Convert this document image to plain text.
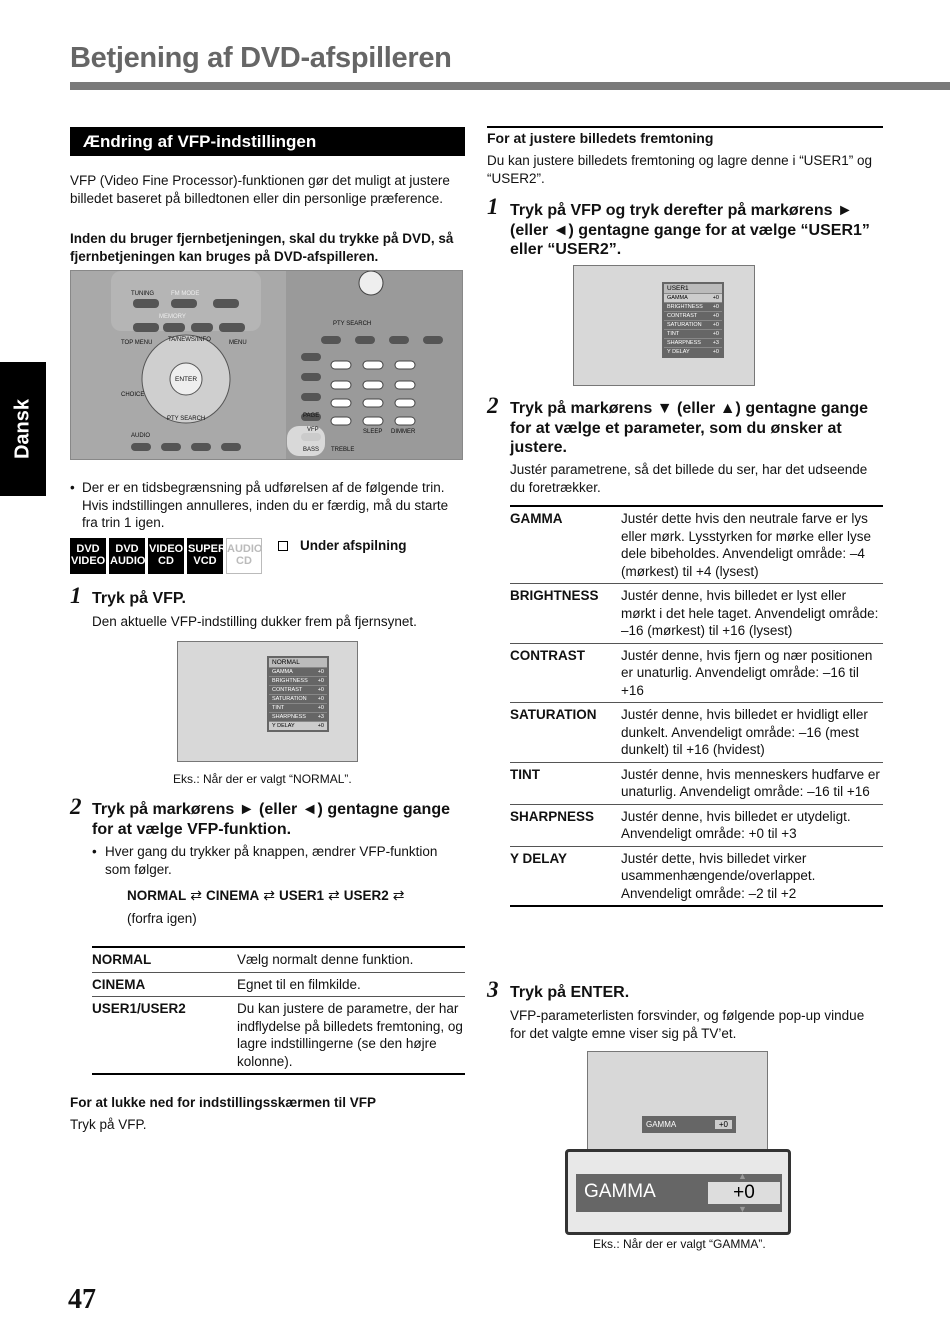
Betjening af DVD-afspilleren
Dansk
Ændring af VFP-indstillingen

VFP (Video Fine Processor)-funktionen gør det muligt at justere billedet baseret på billedtonen eller din personlige præference.

Inden du bruger fjernbetjeningen, skal du trykke på DVD, så fjernbetjeningen kan bruges på DVD-afspilleren.

TUNING	FM MODE
MEMORY
TOP MENU	TA/NEWS/INFO	MENU
ENTER
CHOICE
PTY SEARCH
AUDIO
PAGE
VFP
PTY SEARCH
SLEEP DIMMER
BASS TREBLE
• Der er en tidsbegrænsning på udførelsen af de følgende trin. Hvis indstillingen annulleres, inden du er færdig, må du starte fra trin 1 igen.

DVD VIDEO
DVD AUDIO
VIDEO CD
SUPER VCD
AUDIO CD
Under afspilning
1 Tryk på VFP.

Den aktuelle VFP-indstilling dukker frem på fjernsynet.

NORMAL
GAMMA	+0
BRIGHTNESS +0
CONTRAST	+0
SATURATION +0
TINT	+0
SHARPNESS +3
Y DELAY	+0
Eks.: Når der er valgt “NORMAL”.
2 Tryk på markørens ► (eller ◄) gentagne gange for at vælge VFP-funktion.
• Hver gang du trykker på knappen, ændrer VFP-funktion som følger.

NORMAL ⇄ CINEMA ⇄ USER1 ⇄ USER2 ⇄
(forfra igen)
NORMAL	Vælg normalt denne funktion.
CINEMA	Egnet til en filmkilde.
USER1/USER2	Du kan justere de parametre, der har indflydelse på billedets fremtoning, og lagre indstillingerne (se den højre kolonne).
For at lukke ned for indstillingsskærmen til VFP
Tryk på VFP.
For at justere billedets fremtoning

Du kan justere billedets fremtoning og lagre denne i “USER1” og “USER2”.

1 Tryk på VFP og tryk derefter på markørens ► (eller ◄) gentagne gange for at vælge “USER1” eller “USER2”.
USER1
GAMMA	+0
BRIGHTNESS +0
CONTRAST	+0
SATURATION +0
TINT	+0
SHARPNESS +3
Y DELAY	+0
2 Tryk på markørens ▼ (eller ▲) gentagne gange for at vælge et parameter, som du ønsker at justere.

Justér parametrene, så det billede du ser, har det udseende du foretrækker.

GAMMA	Justér dette hvis den neutrale farve er lys eller mørk. Lysstyrken for mørke eller lyse dele bibeholdes. Anvendeligt område: –4 (mørkest) til +4 (lysest)
BRIGHTNESS	Justér denne, hvis billedet er lyst eller mørkt i det hele taget. Anvendeligt område: –16 (mørkest) til +16 (lysest)
CONTRAST	Justér denne, hvis fjern og nær positionen er unaturlig. Anvendeligt område: –16 til +16
SATURATION	Justér denne, hvis billedet er hvidligt eller dunkelt. Anvendeligt område: –16 (mest dunkelt) til +16 (hvidest)
TINT	Justér denne, hvis menneskers hudfarve er unaturlig. Anvendeligt område: –16 til +16
SHARPNESS	Justér denne, hvis billedet er utydeligt. Anvendeligt område: +0 til +3
Y DELAY	Justér dette, hvis billedet virker usammenhængende/overlappet. Anvendeligt område: –2 til +2
3 Tryk på ENTER.

VFP-parameterlisten forsvinder, og følgende pop-up vindue for det valgte emne viser sig på TV’et.

GAMMA	+0
GAMMA	+0
▲
▼
Eks.: Når der er valgt “GAMMA”.
47
